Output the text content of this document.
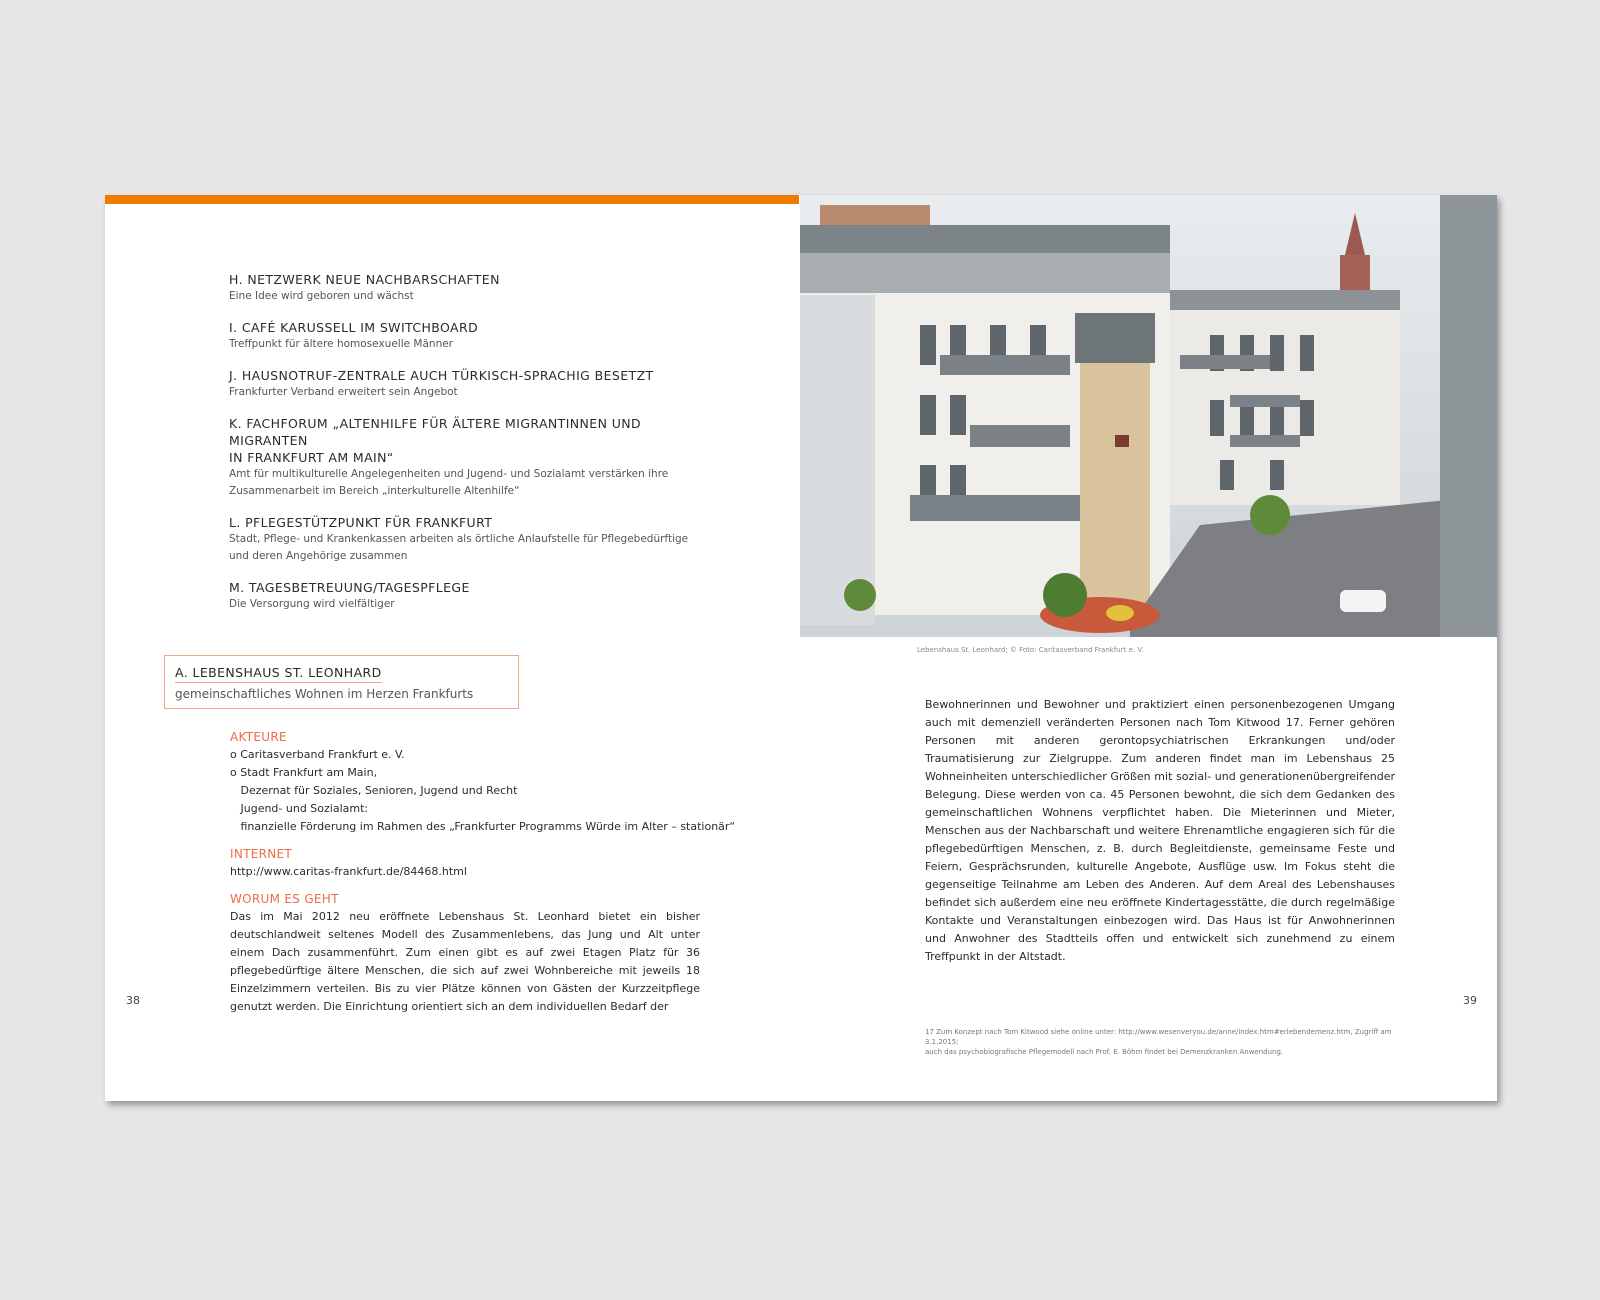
H. NETZWERK NEUE NACHBARSCHAFTEN
Eine Idee wird geboren und wächst
I. CAFÉ KARUSSELL IM SWITCHBOARD
Treffpunkt für ältere homosexuelle Männer
J. HAUSNOTRUF-ZENTRALE AUCH TÜRKISCH-SPRACHIG BESETZT
Frankfurter Verband erweitert sein Angebot
K. FACHFORUM „ALTENHILFE FÜR ÄLTERE MIGRANTINNEN UND MIGRANTEN
IN FRANKFURT AM MAIN“
Amt für multikulturelle Angelegenheiten und Jugend- und Sozialamt verstärken ihre Zusammenarbeit im Bereich „interkulturelle Altenhilfe“
L. PFLEGESTÜTZPUNKT FÜR FRANKFURT
Stadt, Pflege- und Krankenkassen arbeiten als örtliche Anlaufstelle für Pflegebedürftige und deren Angehörige zusammen
M. TAGESBETREUUNG/TAGESPFLEGE
Die Versorgung wird vielfältiger
A. LEBENSHAUS ST. LEONHARD
gemeinschaftliches Wohnen im Herzen Frankfurts
AKTEURE
o Caritasverband Frankfurt e. V.
o Stadt Frankfurt am Main,
Dezernat für Soziales, Senioren, Jugend und Recht
Jugend- und Sozialamt:
finanzielle Förderung im Rahmen des „Frankfurter Programms Würde im Alter – stationär“
INTERNET
http://www.caritas-frankfurt.de/84468.html
WORUM ES GEHT
Das im Mai 2012 neu eröffnete Lebenshaus St. Leonhard bietet ein bisher deutschlandweit seltenes Modell des Zusammenlebens, das Jung und Alt unter einem Dach zusammenführt. Zum einen gibt es auf zwei Etagen Platz für 36 pflegebedürftige ältere Menschen, die sich auf zwei Wohnbereiche mit jeweils 18 Einzelzimmern verteilen. Bis zu vier Plätze können von Gästen der Kurzzeitpflege genutzt werden. Die Einrichtung orientiert sich an dem individuellen Bedarf der
38
Lebenshaus St. Leonhard; © Foto: Caritasverband Frankfurt e. V.
Bewohnerinnen und Bewohner und praktiziert einen personenbezogenen Umgang auch mit demenziell veränderten Personen nach Tom Kitwood 17. Ferner gehören Personen mit anderen gerontopsychiatrischen Erkrankungen und/oder Traumatisierung zur Zielgruppe. Zum anderen findet man im Lebenshaus 25 Wohneinheiten unterschiedlicher Größen mit sozial- und generationenübergreifender Belegung. Diese werden von ca. 45 Personen bewohnt, die sich dem Gedanken des gemeinschaftlichen Wohnens verpflichtet haben. Die Mieterinnen und Mieter, Menschen aus der Nachbarschaft und weitere Ehrenamtliche engagieren sich für die pflegebedürftigen Menschen, z. B. durch Begleitdienste, gemeinsame Feste und Feiern, Gesprächsrunden, kulturelle Angebote, Ausflüge usw. Im Fokus steht die gegenseitige Teilnahme am Leben des Anderen. Auf dem Areal des Lebenshauses befindet sich außerdem eine neu eröffnete Kindertagesstätte, die durch regelmäßige Kontakte und Veranstaltungen einbezogen wird. Das Haus ist für Anwohnerinnen und Anwohner des Stadtteils offen und entwickelt sich zunehmend zu einem Treffpunkt in der Altstadt.
39
17 Zum Konzept nach Tom Kitwood siehe online unter: http://www.wesenveryou.de/anne/index.htm#erlebendemenz.htm, Zugriff am 3.1.2015;
auch das psychobiografische Pflegemodell nach Prof. E. Böhm findet bei Demenzkranken Anwendung.
